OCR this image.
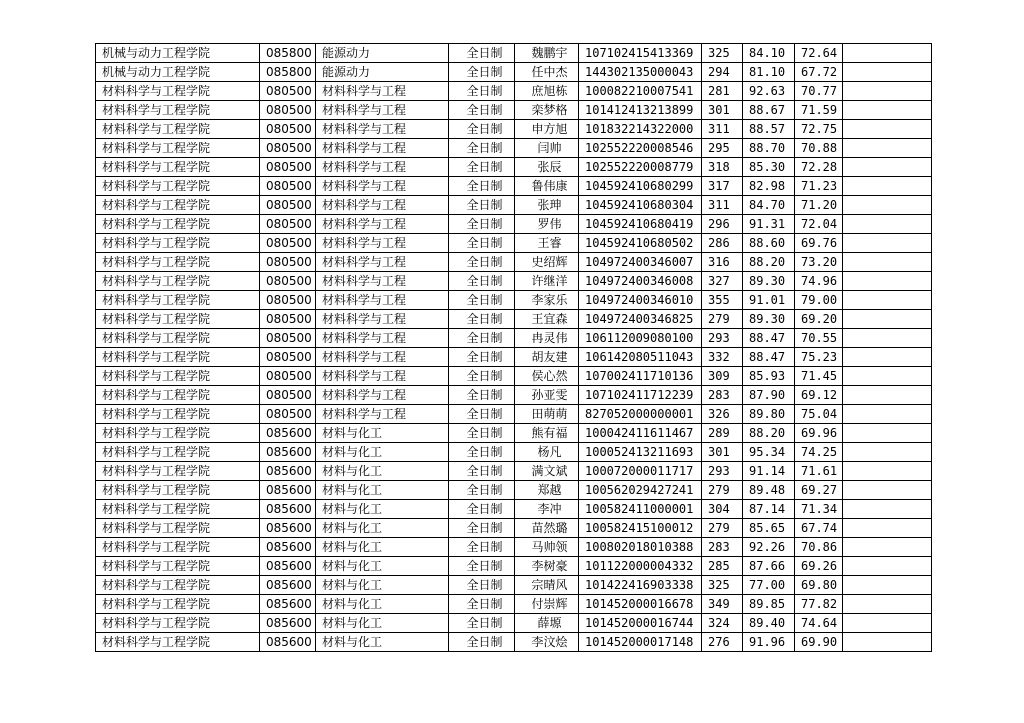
机械与动力工程学院	085800	能源动力	全日制	魏鹏宇	107102415413369	325	84.10	72.64	
机械与动力工程学院	085800	能源动力	全日制	任中杰	144302135000043	294	81.10	67.72	
材料科学与工程学院	080500	材料科学与工程	全日制	庶旭栋	100082210007541	281	92.63	70.77	
材料科学与工程学院	080500	材料科学与工程	全日制	栾梦格	101412413213899	301	88.67	71.59	
材料科学与工程学院	080500	材料科学与工程	全日制	申方旭	101832214322000	311	88.57	72.75	
材料科学与工程学院	080500	材料科学与工程	全日制	闫帅	102552220008546	295	88.70	70.88	
材料科学与工程学院	080500	材料科学与工程	全日制	张辰	102552220008779	318	85.30	72.28	
材料科学与工程学院	080500	材料科学与工程	全日制	鲁伟康	104592410680299	317	82.98	71.23	
材料科学与工程学院	080500	材料科学与工程	全日制	张珅	104592410680304	311	84.70	71.20	
材料科学与工程学院	080500	材料科学与工程	全日制	罗伟	104592410680419	296	91.31	72.04	
材料科学与工程学院	080500	材料科学与工程	全日制	王睿	104592410680502	286	88.60	69.76	
材料科学与工程学院	080500	材料科学与工程	全日制	史绍辉	104972400346007	316	88.20	73.20	
材料科学与工程学院	080500	材料科学与工程	全日制	许继洋	104972400346008	327	89.30	74.96	
材料科学与工程学院	080500	材料科学与工程	全日制	李家乐	104972400346010	355	91.01	79.00	
材料科学与工程学院	080500	材料科学与工程	全日制	王宜森	104972400346825	279	89.30	69.20	
材料科学与工程学院	080500	材料科学与工程	全日制	冉灵伟	106112009080100	293	88.47	70.55	
材料科学与工程学院	080500	材料科学与工程	全日制	胡友建	106142080511043	332	88.47	75.23	
材料科学与工程学院	080500	材料科学与工程	全日制	侯心然	107002411710136	309	85.93	71.45	
材料科学与工程学院	080500	材料科学与工程	全日制	孙亚雯	107102411712239	283	87.90	69.12	
材料科学与工程学院	080500	材料科学与工程	全日制	田萌萌	827052000000001	326	89.80	75.04	
材料科学与工程学院	085600	材料与化工	全日制	熊有福	100042411611467	289	88.20	69.96	
材料科学与工程学院	085600	材料与化工	全日制	杨凡	100052413211693	301	95.34	74.25	
材料科学与工程学院	085600	材料与化工	全日制	满文斌	100072000011717	293	91.14	71.61	
材料科学与工程学院	085600	材料与化工	全日制	郑越	100562029427241	279	89.48	69.27	
材料科学与工程学院	085600	材料与化工	全日制	李冲	100582411000001	304	87.14	71.34	
材料科学与工程学院	085600	材料与化工	全日制	苗然璐	100582415100012	279	85.65	67.74	
材料科学与工程学院	085600	材料与化工	全日制	马帅领	100802018010388	283	92.26	70.86	
材料科学与工程学院	085600	材料与化工	全日制	李树豪	101122000004332	285	87.66	69.26	
材料科学与工程学院	085600	材料与化工	全日制	宗晴风	101422416903338	325	77.00	69.80	
材料科学与工程学院	085600	材料与化工	全日制	付崇辉	101452000016678	349	89.85	77.82	
材料科学与工程学院	085600	材料与化工	全日制	薛塬	101452000016744	324	89.40	74.64	
材料科学与工程学院	085600	材料与化工	全日制	李汶烩	101452000017148	276	91.96	69.90	
